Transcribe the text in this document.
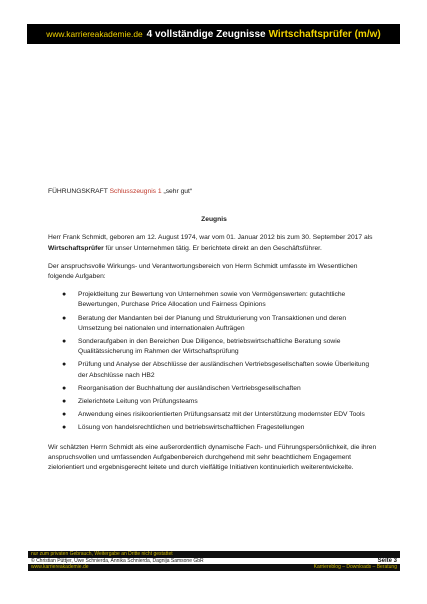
www.karriereakademie.de 4 vollständige Zeugnisse Wirtschaftsprüfer (m/w)

FÜHRUNGSKRAFT Schlusszeugnis 1 „sehr gut“

Zeugnis

Herr Frank Schmidt, geboren am 12. August 1974, war vom 01. Januar 2012 bis zum 30. September 2017 als Wirtschaftsprüfer für unser Unternehmen tätig. Er berichtete direkt an den Geschäftsführer.

Der anspruchsvolle Wirkungs- und Verantwortungsbereich von Herrn Schmidt umfasste im Wesentlichen folgende Aufgaben:

● Projektleitung zur Bewertung von Unternehmen sowie von Vermögenswerten: gutachtliche Bewertungen, Purchase Price Allocation und Fairness Opinions
● Beratung der Mandanten bei der Planung und Strukturierung von Transaktionen und deren Umsetzung bei nationalen und internationalen Aufträgen
● Sonderaufgaben in den Bereichen Due Diligence, betriebswirtschaftliche Beratung sowie Qualitätssicherung im Rahmen der Wirtschaftsprüfung
● Prüfung und Analyse der Abschlüsse der ausländischen Vertriebsgesellschaften sowie Überleitung der Abschlüsse nach HB2
● Reorganisation der Buchhaltung der ausländischen Vertriebsgesellschaften
● Zielerichtete Leitung von Prüfungsteams
● Anwendung eines risikoorientierten Prüfungsansatz mit der Unterstützung modernster EDV Tools
● Lösung von handelsrechtlichen und betriebswirtschaftlichen Fragestellungen

Wir schätzten Herrn Schmidt als eine außerordentlich dynamische Fach- und Führungspersönlichkeit, die ihren anspruchsvollen und umfassenden Aufgabenbereich durchgehend mit sehr beachtlichem Engagement zielorientiert und ergebnisgerecht leitete und durch vielfältige Initiativen kontinuierlich weiterentwickelte.

nur zum privaten Gebrauch, Weitergabe an Dritte nicht gestattet
© Christian Püttjer, Uwe Schnierda, Annika Schnierda, Dagnija Samsone GbR	Seite 3
www.karriereakademie.de	Karriereblog – Downloads – Beratung
